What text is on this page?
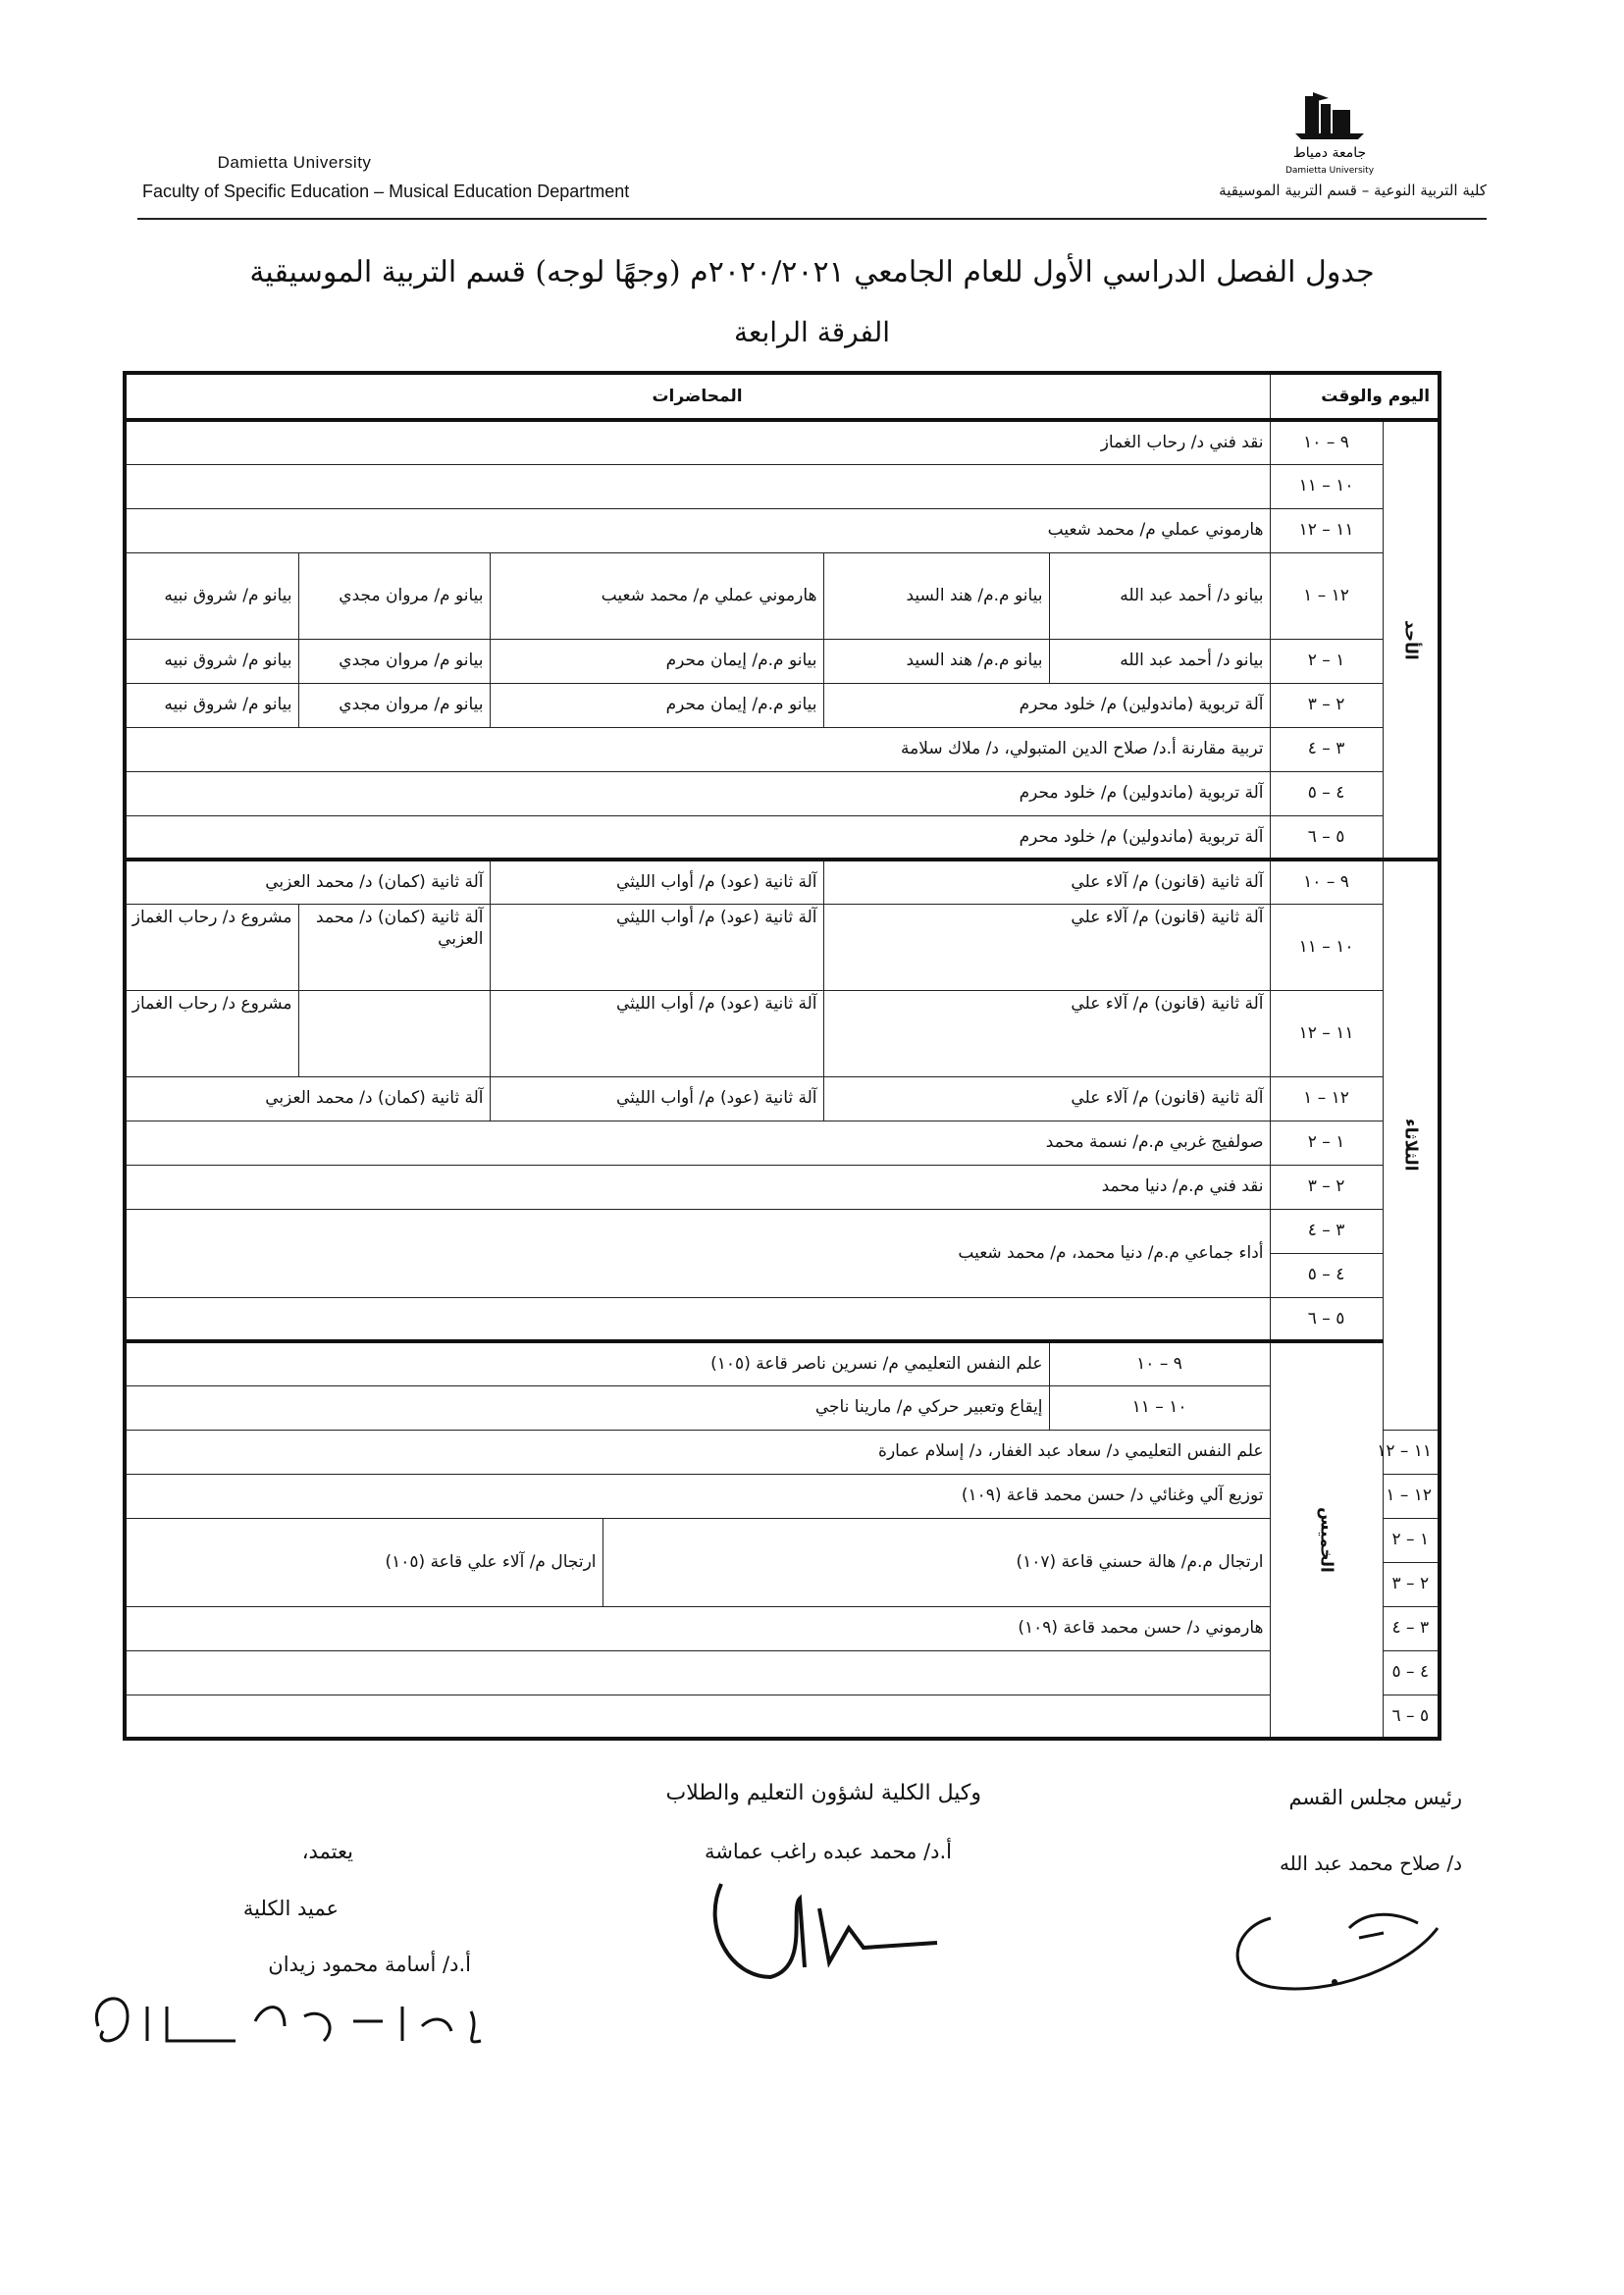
Damietta University
Faculty of Specific Education – Musical Education Department
جامعة دمياط
Damietta University
كلية التربية النوعية – قسم التربية الموسيقية
جدول الفصل الدراسي الأول للعام الجامعي ٢٠٢٠/٢٠٢١م (وجهًا لوجه) قسم التربية الموسيقية
الفرقة الرابعة
اليوم والوقت		المحاضرات					
الأحد	٩ – ١٠	نقد فني د/ رحاب الغماز					
	١٠ – ١١						
	١١ – ١٢	هارموني عملي م/ محمد شعيب					
	١٢ – ١	بيانو د/ أحمد عبد الله	بيانو م.م/ هند السيد	هارموني عملي م/ محمد شعيب		بيانو م/ مروان مجدي	بيانو م/ شروق نبيه
	١ – ٢	بيانو د/ أحمد عبد الله	بيانو م.م/ هند السيد	بيانو م.م/ إيمان محرم		بيانو م/ مروان مجدي	بيانو م/ شروق نبيه
	٢ – ٣	آلة تربوية (ماندولين) م/ خلود محرم		بيانو م.م/ إيمان محرم		بيانو م/ مروان مجدي	بيانو م/ شروق نبيه
	٣ – ٤	تربية مقارنة أ.د/ صلاح الدين المتبولي، د/ ملاك سلامة					
	٤ – ٥	آلة تربوية (ماندولين) م/ خلود محرم					
	٥ – ٦	آلة تربوية (ماندولين) م/ خلود محرم					
الثلاثاء	٩ – ١٠	آلة ثانية (قانون) م/ آلاء علي		آلة ثانية (عود) م/ أواب الليثي		آلة ثانية (كمان) د/ محمد العزبي	
	١٠ – ١١	آلة ثانية (قانون) م/ آلاء علي		آلة ثانية (عود) م/ أواب الليثي		آلة ثانية (كمان) د/ محمد العزبي	مشروع د/ رحاب الغماز
	١١ – ١٢	آلة ثانية (قانون) م/ آلاء علي		آلة ثانية (عود) م/ أواب الليثي			مشروع د/ رحاب الغماز
	١٢ – ١	آلة ثانية (قانون) م/ آلاء علي		آلة ثانية (عود) م/ أواب الليثي		آلة ثانية (كمان) د/ محمد العزبي	
	١ – ٢	صولفيج غربي م.م/ نسمة محمد					
	٢ – ٣	نقد فني م.م/ دنيا محمد					
	٣ – ٤	أداء جماعي م.م/ دنيا محمد، م/ محمد شعيب					
	٤ – ٥						
	٥ – ٦						
	الخميس	٩ – ١٠	علم النفس التعليمي م/ نسرين ناصر قاعة (١٠٥)				
		١٠ – ١١	إيقاع وتعبير حركي م/ مارينا ناجي				
١١ – ١٢		علم النفس التعليمي د/ سعاد عبد الغفار، د/ إسلام عمارة					
١٢ – ١		توزيع آلي وغنائي د/ حسن محمد قاعة (١٠٩)					
١ – ٢		ارتجال م.م/ هالة حسني قاعة (١٠٧)			ارتجال م/ آلاء علي قاعة (١٠٥)		
٢ – ٣							
٣ – ٤		هارموني د/ حسن محمد قاعة (١٠٩)					
٤ – ٥							
٥ – ٦							
رئيس مجلس القسم
د/ صلاح محمد عبد الله
وكيل الكلية لشؤون التعليم والطلاب
أ.د/ محمد عبده راغب عماشة
يعتمد،
عميد الكلية
أ.د/ أسامة محمود زيدان
